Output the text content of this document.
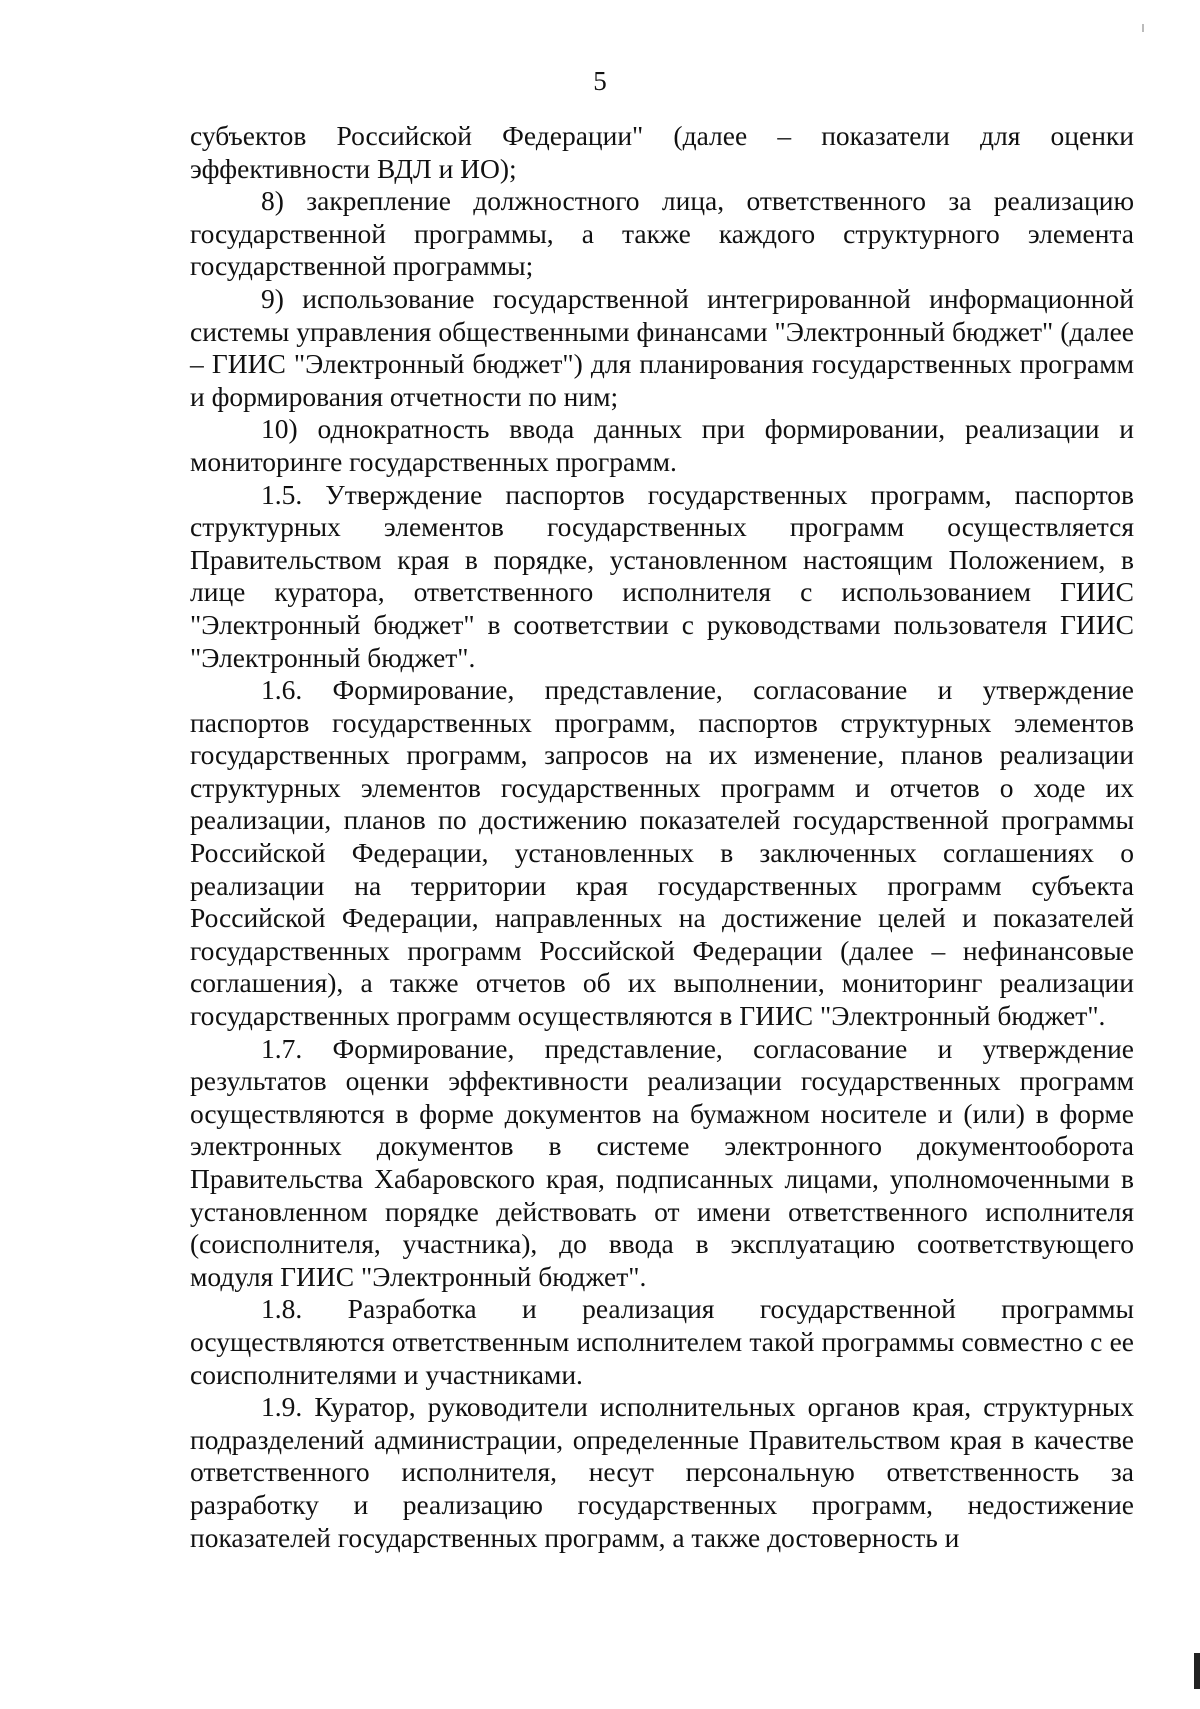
5

субъектов Российской Федерации" (далее – показатели для оценки эффективности ВДЛ и ИО);

8) закрепление должностного лица, ответственного за реализацию государственной программы, а также каждого структурного элемента государственной программы;

9) использование государственной интегрированной информационной системы управления общественными финансами "Электронный бюджет" (далее – ГИИС "Электронный бюджет") для планирования государственных программ и формирования отчетности по ним;

10) однократность ввода данных при формировании, реализации и мониторинге государственных программ.

1.5. Утверждение паспортов государственных программ, паспортов структурных элементов государственных программ осуществляется Правительством края в порядке, установленном настоящим Положением, в лице куратора, ответственного исполнителя с использованием ГИИС "Электронный бюджет" в соответствии с руководствами пользователя ГИИС "Электронный бюджет".

1.6. Формирование, представление, согласование и утверждение паспортов государственных программ, паспортов структурных элементов государственных программ, запросов на их изменение, планов реализации структурных элементов государственных программ и отчетов о ходе их реализации, планов по достижению показателей государственной программы Российской Федерации, установленных в заключенных соглашениях о реализации на территории края государственных программ субъекта Российской Федерации, направленных на достижение целей и показателей государственных программ Российской Федерации (далее – нефинансовые соглашения), а также отчетов об их выполнении, мониторинг реализации государственных программ осуществляются в ГИИС "Электронный бюджет".

1.7. Формирование, представление, согласование и утверждение результатов оценки эффективности реализации государственных программ осуществляются в форме документов на бумажном носителе и (или) в форме электронных документов в системе электронного документооборота Правительства Хабаровского края, подписанных лицами, уполномоченными в установленном порядке действовать от имени ответственного исполнителя (соисполнителя, участника), до ввода в эксплуатацию соответствующего модуля ГИИС "Электронный бюджет".

1.8. Разработка и реализация государственной программы осуществляются ответственным исполнителем такой программы совместно с ее соисполнителями и участниками.

1.9. Куратор, руководители исполнительных органов края, структурных подразделений администрации, определенные Правительством края в качестве ответственного исполнителя, несут персональную ответственность за разработку и реализацию государственных программ, недостижение показателей государственных программ, а также достоверность и
